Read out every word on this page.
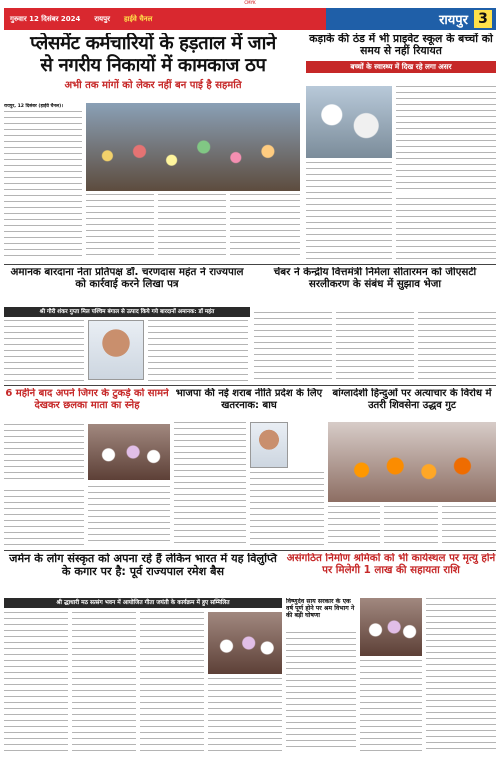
CMYK
गुरुवार 12 दिसंबर 2024 रायपुर हाईवे चैनल	रायपुर 3
प्लेसमेंट कर्मचारियों के हड़ताल में जाने
से नगरीय निकायों में कामकाज ठप
अभी तक मांगों को लेकर नहीं बन पाई है सहमति
रायपुर, 12 दिसंबर (हाईवे चैनल)।
कड़ाके की ठंड में भी प्राइवेट स्कूल के बच्चों को समय से नहीं रियायत
बच्चों के स्वास्थ्य में दिख रहे लगा असर
अमानक बारदाना नेता प्रतिपक्ष डॉ. चरणदास महंत ने राज्यपाल को कार्रवाई करने लिखा पत्र
श्री गौरी शंकर गुप्ता मिल पश्चिम बंगाल से उत्पाद किये गये बारदानों अमानक: डॉ महंत
चेंबर ने केन्द्रीय वित्तमंत्री निर्मला सीतारमन को जीएसटी सरलीकरण के संबंध में सुझाव भेजा
6 महीने बाद अपने जिगर के टुकड़े को सामने देखकर छलका माता का स्नेह
भाजपा की नई शराब नीति प्रदेश के लिए खतरनाक: बाघ
बांग्लादेशी हिन्दुओं पर अत्याचार के विरोध में उतरी शिवसेना उद्धव गुट
जर्मन के लोग संस्कृत को अपना रहे हैं लेकिन भारत में यह विलुप्ति के कगार पर है: पूर्व राज्यपाल रमेश बैस
श्री द्धाधारी मठ सत्संग भवन में आयोजित गीता जयंती के कार्यक्रम में हुए सम्मिलित
असंगठित निर्माण श्रमिकों को भी कार्यस्थल पर मृत्यु होने पर मिलेगी 1 लाख की सहायता राशि
विष्णुदेव साय सरकार के एक वर्ष पूर्ण होने पर श्रम विभाग ने की बड़ी घोषणा
